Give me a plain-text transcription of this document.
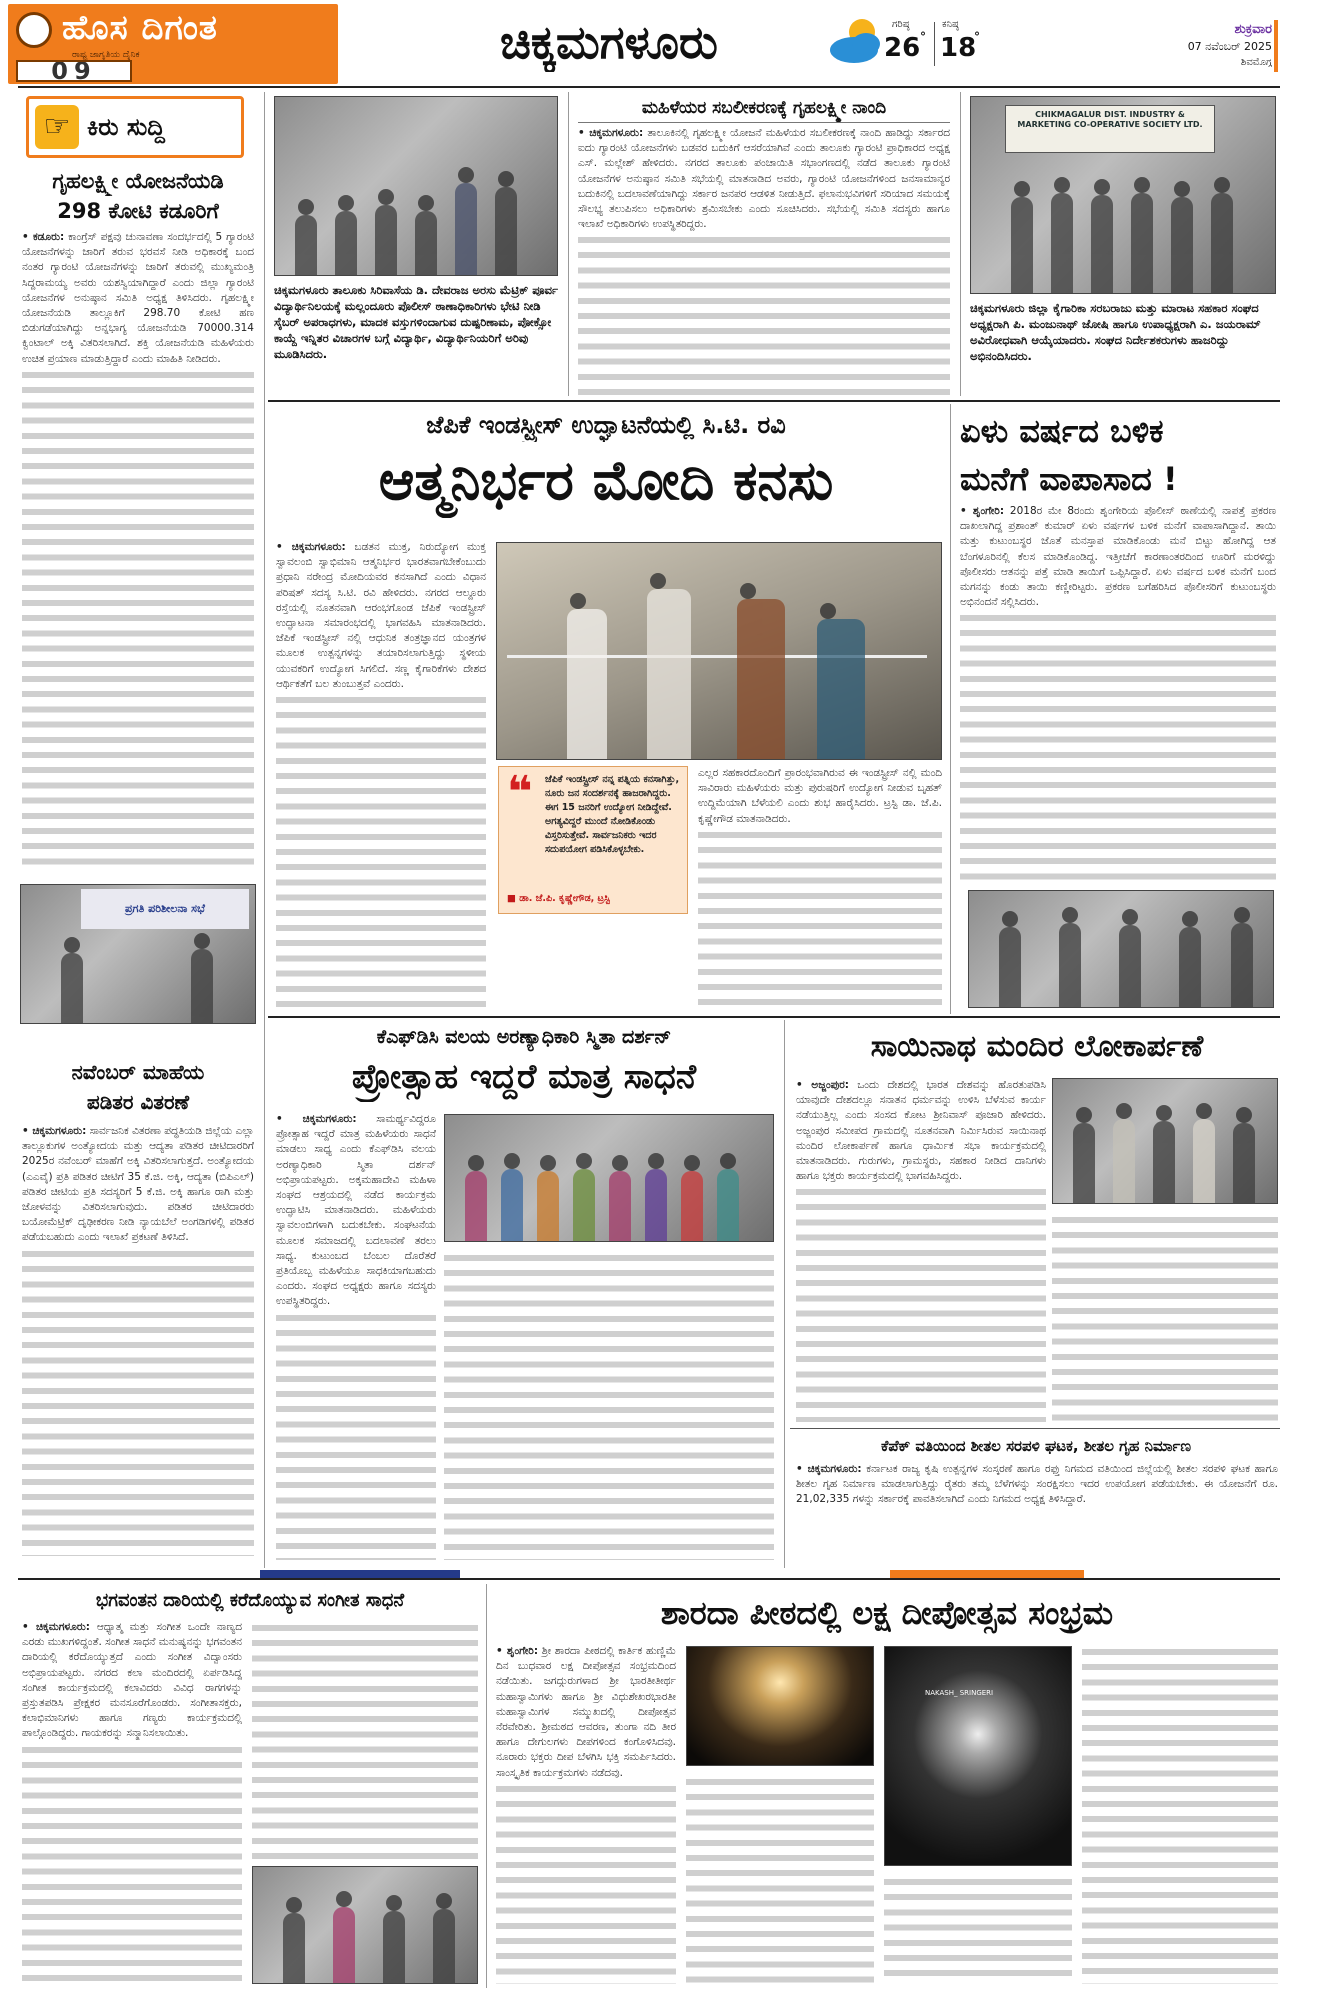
ಹೊಸ ದಿಗಂತ
ರಾಷ್ಟ್ರ ಜಾಗೃತಿಯ ದೈನಿಕ
09
ಚಿಕ್ಕಮಗಳೂರು	ಗರಿಷ್ಠ
26 °
ಕನಿಷ್ಠ
18
°	ಶುಕ್ರವಾರ
07 ನವೆಂಬರ್ 2025
ಶಿವಮೊಗ್ಗ
☞ ಕಿರು ಸುದ್ದಿ
ಗೃಹಲಕ್ಷ್ಮೀ ಯೋಜನೆಯಡಿ
298 ಕೋಟಿ ಕಡೂರಿಗೆ
• ಕಡೂರು: ಕಾಂಗ್ರೆಸ್ ಪಕ್ಷವು ಚುನಾವಣಾ ಸಂದರ್ಭದಲ್ಲಿ 5 ಗ್ಯಾರಂಟಿ ಯೋಜನೆಗಳನ್ನು ಜಾರಿಗೆ ತರುವ ಭರವಸೆ ನೀಡಿ ಅಧಿಕಾರಕ್ಕೆ ಬಂದ ನಂತರ ಗ್ಯಾರಂಟಿ ಯೋಜನೆಗಳನ್ನು ಜಾರಿಗೆ ತರುವಲ್ಲಿ ಮುಖ್ಯಮಂತ್ರಿ ಸಿದ್ದರಾಮಯ್ಯ ಅವರು ಯಶಸ್ವಿಯಾಗಿದ್ದಾರೆ ಎಂದು ಜಿಲ್ಲಾ ಗ್ಯಾರಂಟಿ ಯೋಜನೆಗಳ ಅನುಷ್ಠಾನ ಸಮಿತಿ ಅಧ್ಯಕ್ಷ ತಿಳಿಸಿದರು. ಗೃಹಲಕ್ಷ್ಮೀ ಯೋಜನೆಯಡಿ ತಾಲ್ಲೂಕಿಗೆ 298.70 ಕೋಟಿ ಹಣ ಬಿಡುಗಡೆಯಾಗಿದ್ದು ಅನ್ನಭಾಗ್ಯ ಯೋಜನೆಯಡಿ 70000.314 ಕ್ವಿಂಟಾಲ್ ಅಕ್ಕಿ ವಿತರಿಸಲಾಗಿದೆ. ಶಕ್ತಿ ಯೋಜನೆಯಡಿ ಮಹಿಳೆಯರು ಉಚಿತ ಪ್ರಯಾಣ ಮಾಡುತ್ತಿದ್ದಾರೆ ಎಂದು ಮಾಹಿತಿ ನೀಡಿದರು.
ಪ್ರಗತಿ ಪರಿಶೀಲನಾ ಸಭೆ
ನವೆಂಬರ್ ಮಾಹೆಯ
ಪಡಿತರ ವಿತರಣೆ
• ಚಿಕ್ಕಮಗಳೂರು: ಸಾರ್ವಜನಿಕ ವಿತರಣಾ ಪದ್ಧತಿಯಡಿ ಜಿಲ್ಲೆಯ ಎಲ್ಲಾ ತಾಲ್ಲೂಕುಗಳ ಅಂತ್ಯೋದಯ ಮತ್ತು ಆದ್ಯತಾ ಪಡಿತರ ಚೀಟಿದಾರರಿಗೆ 2025ರ ನವೆಂಬರ್ ಮಾಹೆಗೆ ಅಕ್ಕಿ ವಿತರಿಸಲಾಗುತ್ತದೆ. ಅಂತ್ಯೋದಯ (ಎಎವೈ) ಪ್ರತಿ ಪಡಿತರ ಚೀಟಿಗೆ 35 ಕೆ.ಜಿ. ಅಕ್ಕಿ, ಆದ್ಯತಾ (ಬಿಪಿಎಲ್) ಪಡಿತರ ಚೀಟಿಯ ಪ್ರತಿ ಸದಸ್ಯರಿಗೆ 5 ಕೆ.ಜಿ. ಅಕ್ಕಿ ಹಾಗೂ ರಾಗಿ ಮತ್ತು ಜೋಳವನ್ನು ವಿತರಿಸಲಾಗುವುದು. ಪಡಿತರ ಚೀಟಿದಾರರು ಬಯೋಮೆಟ್ರಿಕ್ ದೃಢೀಕರಣ ನೀಡಿ ನ್ಯಾಯಬೆಲೆ ಅಂಗಡಿಗಳಲ್ಲಿ ಪಡಿತರ ಪಡೆಯಬಹುದು ಎಂದು ಇಲಾಖೆ ಪ್ರಕಟಣೆ ತಿಳಿಸಿದೆ.
ಚಿಕ್ಕಮಗಳೂರು ತಾಲೂಕು ಸಿರಿವಾಸೆಯ ಡಿ. ದೇವರಾಜ ಅರಸು ಮೆಟ್ರಿಕ್ ಪೂರ್ವ ವಿದ್ಯಾರ್ಥಿನಿಲಯಕ್ಕೆ ಮಲ್ಲಂದೂರು ಪೊಲೀಸ್ ಠಾಣಾಧಿಕಾರಿಗಳು ಭೇಟಿ ನೀಡಿ ಸೈಬರ್ ಅಪರಾಧಗಳು, ಮಾದಕ ವಸ್ತುಗಳಿಂದಾಗುವ ದುಷ್ಪರಿಣಾಮ, ಪೋಕ್ಸೋ ಕಾಯ್ದೆ ಇನ್ನಿತರ ವಿಚಾರಗಳ ಬಗ್ಗೆ ವಿದ್ಯಾರ್ಥಿ, ವಿದ್ಯಾರ್ಥಿನಿಯರಿಗೆ ಅರಿವು ಮೂಡಿಸಿದರು.
ಮಹಿಳೆಯರ ಸಬಲೀಕರಣಕ್ಕೆ ಗೃಹಲಕ್ಷ್ಮೀ ನಾಂದಿ
• ಚಿಕ್ಕಮಗಳೂರು: ತಾಲೂಕಿನಲ್ಲಿ ಗೃಹಲಕ್ಷ್ಮೀ ಯೋಜನೆ ಮಹಿಳೆಯರ ಸಬಲೀಕರಣಕ್ಕೆ ನಾಂದಿ ಹಾಡಿದ್ದು ಸರ್ಕಾರದ ಐದು ಗ್ಯಾರಂಟಿ ಯೋಜನೆಗಳು ಬಡವರ ಬದುಕಿಗೆ ಆಸರೆಯಾಗಿವೆ ಎಂದು ತಾಲೂಕು ಗ್ಯಾರಂಟಿ ಪ್ರಾಧಿಕಾರದ ಅಧ್ಯಕ್ಷ ಎಸ್. ಮಲ್ಲೇಶ್ ಹೇಳಿದರು. ನಗರದ ತಾಲೂಕು ಪಂಚಾಯಿತಿ ಸಭಾಂಗಣದಲ್ಲಿ ನಡೆದ ತಾಲೂಕು ಗ್ಯಾರಂಟಿ ಯೋಜನೆಗಳ ಅನುಷ್ಠಾನ ಸಮಿತಿ ಸಭೆಯಲ್ಲಿ ಮಾತನಾಡಿದ ಅವರು, ಗ್ಯಾರಂಟಿ ಯೋಜನೆಗಳಿಂದ ಜನಸಾಮಾನ್ಯರ ಬದುಕಿನಲ್ಲಿ ಬದಲಾವಣೆಯಾಗಿದ್ದು ಸರ್ಕಾರ ಜನಪರ ಆಡಳಿತ ನೀಡುತ್ತಿದೆ. ಫಲಾನುಭವಿಗಳಿಗೆ ಸರಿಯಾದ ಸಮಯಕ್ಕೆ ಸೌಲಭ್ಯ ತಲುಪಿಸಲು ಅಧಿಕಾರಿಗಳು ಶ್ರಮಿಸಬೇಕು ಎಂದು ಸೂಚಿಸಿದರು. ಸಭೆಯಲ್ಲಿ ಸಮಿತಿ ಸದಸ್ಯರು ಹಾಗೂ ಇಲಾಖೆ ಅಧಿಕಾರಿಗಳು ಉಪಸ್ಥಿತರಿದ್ದರು.
CHIKMAGALUR DIST. INDUSTRY & MARKETING CO-OPERATIVE SOCIETY LTD.
ಚಿಕ್ಕಮಗಳೂರು ಜಿಲ್ಲಾ ಕೈಗಾರಿಕಾ ಸರಬರಾಜು ಮತ್ತು ಮಾರಾಟ ಸಹಕಾರ ಸಂಘದ ಅಧ್ಯಕ್ಷರಾಗಿ ಪಿ. ಮಂಜುನಾಥ್ ಜೋಷಿ ಹಾಗೂ ಉಪಾಧ್ಯಕ್ಷರಾಗಿ ಎ. ಜಯರಾಮ್ ಅವಿರೋಧವಾಗಿ ಆಯ್ಕೆಯಾದರು. ಸಂಘದ ನಿರ್ದೇಶಕರುಗಳು ಹಾಜರಿದ್ದು ಅಭಿನಂದಿಸಿದರು.
ಜೆಪಿಕೆ ಇಂಡಸ್ಟ್ರೀಸ್ ಉದ್ಘಾಟನೆಯಲ್ಲಿ ಸಿ.ಟಿ. ರವಿ
ಆತ್ಮನಿರ್ಭರ ಮೋದಿ ಕನಸು
• ಚಿಕ್ಕಮಗಳೂರು: ಬಡತನ ಮುಕ್ತ, ನಿರುದ್ಯೋಗ ಮುಕ್ತ ಸ್ವಾವಲಂಬಿ ಸ್ವಾಭಿಮಾನಿ ಆತ್ಮನಿರ್ಭರ ಭಾರತವಾಗಬೇಕೆಂಬುದು ಪ್ರಧಾನಿ ನರೇಂದ್ರ ಮೋದಿಯವರ ಕನಸಾಗಿದೆ ಎಂದು ವಿಧಾನ ಪರಿಷತ್ ಸದಸ್ಯ ಸಿ.ಟಿ. ರವಿ ಹೇಳಿದರು. ನಗರದ ಆಲ್ದೂರು ರಸ್ತೆಯಲ್ಲಿ ನೂತನವಾಗಿ ಆರಂಭಗೊಂಡ ಜೆಪಿಕೆ ಇಂಡಸ್ಟ್ರೀಸ್ ಉದ್ಘಾಟನಾ ಸಮಾರಂಭದಲ್ಲಿ ಭಾಗವಹಿಸಿ ಮಾತನಾಡಿದರು. ಜೆಪಿಕೆ ಇಂಡಸ್ಟ್ರೀಸ್ ನಲ್ಲಿ ಆಧುನಿಕ ತಂತ್ರಜ್ಞಾನದ ಯಂತ್ರಗಳ ಮೂಲಕ ಉತ್ಪನ್ನಗಳನ್ನು ತಯಾರಿಸಲಾಗುತ್ತಿದ್ದು ಸ್ಥಳೀಯ ಯುವಕರಿಗೆ ಉದ್ಯೋಗ ಸಿಗಲಿದೆ. ಸಣ್ಣ ಕೈಗಾರಿಕೆಗಳು ದೇಶದ ಆರ್ಥಿಕತೆಗೆ ಬಲ ತುಂಬುತ್ತವೆ ಎಂದರು.
❝	ಜೆಪಿಕೆ ಇಂಡಸ್ಟ್ರೀಸ್ ನನ್ನ ಪತ್ನಿಯ ಕನಸಾಗಿತ್ತು, ನೂರು ಜನ ಸಂದರ್ಶನಕ್ಕೆ ಹಾಜರಾಗಿದ್ದರು. ಈಗ 15 ಜನರಿಗೆ ಉದ್ಯೋಗ ನೀಡಿದ್ದೇವೆ. ಅಗತ್ಯವಿದ್ದರೆ ಮುಂದೆ ನೋಡಿಕೊಂಡು ವಿಸ್ತರಿಸುತ್ತೇವೆ. ಸಾರ್ವಜನಿಕರು ಇದರ ಸದುಪಯೋಗ ಪಡಿಸಿಕೊಳ್ಳಬೇಕು.
■ ಡಾ. ಜೆ.ಪಿ. ಕೃಷ್ಣೇಗೌಡ, ಟ್ರಸ್ಟಿ
ಎಲ್ಲರ ಸಹಕಾರದೊಂದಿಗೆ ಪ್ರಾರಂಭವಾಗಿರುವ ಈ ಇಂಡಸ್ಟ್ರೀಸ್ ನಲ್ಲಿ ಮಂದಿ ಸಾವಿರಾರು ಮಹಿಳೆಯರು ಮತ್ತು ಪುರುಷರಿಗೆ ಉದ್ಯೋಗ ನೀಡುವ ಬೃಹತ್ ಉದ್ದಿಮೆಯಾಗಿ ಬೆಳೆಯಲಿ ಎಂದು ಶುಭ ಹಾರೈಸಿದರು. ಟ್ರಸ್ಟಿ ಡಾ. ಜೆ.ಪಿ. ಕೃಷ್ಣೇಗೌಡ ಮಾತನಾಡಿದರು.
ಏಳು ವರ್ಷದ ಬಳಿಕ
ಮನೆಗೆ ವಾಪಾಸಾದ !
• ಶೃಂಗೇರಿ: 2018ರ ಮೇ 8ರಂದು ಶೃಂಗೇರಿಯ ಪೊಲೀಸ್ ಠಾಣೆಯಲ್ಲಿ ನಾಪತ್ತೆ ಪ್ರಕರಣ ದಾಖಲಾಗಿದ್ದ ಪ್ರಶಾಂತ್ ಕುಮಾರ್ ಏಳು ವರ್ಷಗಳ ಬಳಿಕ ಮನೆಗೆ ವಾಪಾಸಾಗಿದ್ದಾನೆ. ತಾಯಿ ಮತ್ತು ಕುಟುಂಬಸ್ಥರ ಜೊತೆ ಮನಸ್ತಾಪ ಮಾಡಿಕೊಂಡು ಮನೆ ಬಿಟ್ಟು ಹೋಗಿದ್ದ ಆತ ಬೆಂಗಳೂರಿನಲ್ಲಿ ಕೆಲಸ ಮಾಡಿಕೊಂಡಿದ್ದ. ಇತ್ತೀಚೆಗೆ ಕಾರಣಾಂತರದಿಂದ ಊರಿಗೆ ಮರಳಿದ್ದು ಪೊಲೀಸರು ಆತನನ್ನು ಪತ್ತೆ ಮಾಡಿ ತಾಯಿಗೆ ಒಪ್ಪಿಸಿದ್ದಾರೆ. ಏಳು ವರ್ಷದ ಬಳಿಕ ಮನೆಗೆ ಬಂದ ಮಗನನ್ನು ಕಂಡು ತಾಯಿ ಕಣ್ಣೀರಿಟ್ಟರು. ಪ್ರಕರಣ ಬಗೆಹರಿಸಿದ ಪೊಲೀಸರಿಗೆ ಕುಟುಂಬಸ್ಥರು ಅಭಿನಂದನೆ ಸಲ್ಲಿಸಿದರು.
ಕೆಎಫ್‌ಡಿಸಿ ವಲಯ ಅರಣ್ಯಾಧಿಕಾರಿ ಸ್ಮಿತಾ ದರ್ಶನ್
ಪ್ರೋತ್ಸಾಹ ಇದ್ದರೆ ಮಾತ್ರ ಸಾಧನೆ
• ಚಿಕ್ಕಮಗಳೂರು: ಸಾಮರ್ಥ್ಯವಿದ್ದರೂ ಪ್ರೋತ್ಸಾಹ ಇದ್ದರೆ ಮಾತ್ರ ಮಹಿಳೆಯರು ಸಾಧನೆ ಮಾಡಲು ಸಾಧ್ಯ ಎಂದು ಕೆಎಫ್‌ಡಿಸಿ ವಲಯ ಅರಣ್ಯಾಧಿಕಾರಿ ಸ್ಮಿತಾ ದರ್ಶನ್ ಅಭಿಪ್ರಾಯಪಟ್ಟರು. ಅಕ್ಕಮಹಾದೇವಿ ಮಹಿಳಾ ಸಂಘದ ಆಶ್ರಯದಲ್ಲಿ ನಡೆದ ಕಾರ್ಯಕ್ರಮ ಉದ್ಘಾಟಿಸಿ ಮಾತನಾಡಿದರು. ಮಹಿಳೆಯರು ಸ್ವಾವಲಂಬಿಗಳಾಗಿ ಬದುಕಬೇಕು. ಸಂಘಟನೆಯ ಮೂಲಕ ಸಮಾಜದಲ್ಲಿ ಬದಲಾವಣೆ ತರಲು ಸಾಧ್ಯ. ಕುಟುಂಬದ ಬೆಂಬಲ ದೊರೆತರೆ ಪ್ರತಿಯೊಬ್ಬ ಮಹಿಳೆಯೂ ಸಾಧಕಿಯಾಗಬಹುದು ಎಂದರು. ಸಂಘದ ಅಧ್ಯಕ್ಷರು ಹಾಗೂ ಸದಸ್ಯರು ಉಪಸ್ಥಿತರಿದ್ದರು.
ಸಾಯಿನಾಥ ಮಂದಿರ ಲೋಕಾರ್ಪಣೆ
• ಅಜ್ಜಂಪುರ: ಒಂದು ದೇಶದಲ್ಲಿ ಭಾರತ ದೇಶವನ್ನು ಹೊರತುಪಡಿಸಿ ಯಾವುದೇ ದೇಶದಲ್ಲೂ ಸನಾತನ ಧರ್ಮವನ್ನು ಉಳಿಸಿ ಬೆಳೆಸುವ ಕಾರ್ಯ ನಡೆಯುತ್ತಿಲ್ಲ ಎಂದು ಸಂಸದ ಕೋಟ ಶ್ರೀನಿವಾಸ್ ಪೂಜಾರಿ ಹೇಳಿದರು. ಅಜ್ಜಂಪುರ ಸಮೀಪದ ಗ್ರಾಮದಲ್ಲಿ ನೂತನವಾಗಿ ನಿರ್ಮಿಸಿರುವ ಸಾಯಿನಾಥ ಮಂದಿರ ಲೋಕಾರ್ಪಣೆ ಹಾಗೂ ಧಾರ್ಮಿಕ ಸಭಾ ಕಾರ್ಯಕ್ರಮದಲ್ಲಿ ಮಾತನಾಡಿದರು. ಗುರುಗಳು, ಗ್ರಾಮಸ್ಥರು, ಸಹಕಾರ ನೀಡಿದ ದಾನಿಗಳು ಹಾಗೂ ಭಕ್ತರು ಕಾರ್ಯಕ್ರಮದಲ್ಲಿ ಭಾಗವಹಿಸಿದ್ದರು.
ಕೆಪೆಕ್ ವತಿಯಿಂದ ಶೀತಲ ಸರಪಳಿ ಘಟಕ, ಶೀತಲ ಗೃಹ ನಿರ್ಮಾಣ
• ಚಿಕ್ಕಮಗಳೂರು: ಕರ್ನಾಟಕ ರಾಜ್ಯ ಕೃಷಿ ಉತ್ಪನ್ನಗಳ ಸಂಸ್ಕರಣೆ ಹಾಗೂ ರಫ್ತು ನಿಗಮದ ವತಿಯಿಂದ ಜಿಲ್ಲೆಯಲ್ಲಿ ಶೀತಲ ಸರಪಳಿ ಘಟಕ ಹಾಗೂ ಶೀತಲ ಗೃಹ ನಿರ್ಮಾಣ ಮಾಡಲಾಗುತ್ತಿದ್ದು ರೈತರು ತಮ್ಮ ಬೆಳೆಗಳನ್ನು ಸಂರಕ್ಷಿಸಲು ಇದರ ಉಪಯೋಗ ಪಡೆಯಬೇಕು. ಈ ಯೋಜನೆಗೆ ರೂ. 21,02,335 ಗಳನ್ನು ಸರ್ಕಾರಕ್ಕೆ ಪಾವತಿಸಲಾಗಿದೆ ಎಂದು ನಿಗಮದ ಅಧ್ಯಕ್ಷ ತಿಳಿಸಿದ್ದಾರೆ.
ಭಗವಂತನ ದಾರಿಯಲ್ಲಿ ಕರೆದೊಯ್ಯುವ ಸಂಗೀತ ಸಾಧನೆ
• ಚಿಕ್ಕಮಗಳೂರು: ಆಧ್ಯಾತ್ಮ ಮತ್ತು ಸಂಗೀತ ಒಂದೇ ನಾಣ್ಯದ ಎರಡು ಮುಖಗಳಿದ್ದಂತೆ. ಸಂಗೀತ ಸಾಧನೆ ಮನುಷ್ಯನನ್ನು ಭಗವಂತನ ದಾರಿಯಲ್ಲಿ ಕರೆದೊಯ್ಯುತ್ತದೆ ಎಂದು ಸಂಗೀತ ವಿದ್ವಾಂಸರು ಅಭಿಪ್ರಾಯಪಟ್ಟರು. ನಗರದ ಕಲಾ ಮಂದಿರದಲ್ಲಿ ಏರ್ಪಡಿಸಿದ್ದ ಸಂಗೀತ ಕಾರ್ಯಕ್ರಮದಲ್ಲಿ ಕಲಾವಿದರು ವಿವಿಧ ರಾಗಗಳನ್ನು ಪ್ರಸ್ತುತಪಡಿಸಿ ಪ್ರೇಕ್ಷಕರ ಮನಸೂರೆಗೊಂಡರು. ಸಂಗೀತಾಸಕ್ತರು, ಕಲಾಭಿಮಾನಿಗಳು ಹಾಗೂ ಗಣ್ಯರು ಕಾರ್ಯಕ್ರಮದಲ್ಲಿ ಪಾಲ್ಗೊಂಡಿದ್ದರು. ಗಾಯಕರನ್ನು ಸನ್ಮಾನಿಸಲಾಯಿತು.
ಶಾರದಾ ಪೀಠದಲ್ಲಿ ಲಕ್ಷ ದೀಪೋತ್ಸವ ಸಂಭ್ರಮ
• ಶೃಂಗೇರಿ: ಶ್ರೀ ಶಾರದಾ ಪೀಠದಲ್ಲಿ ಕಾರ್ತಿಕ ಹುಣ್ಣಿಮೆ ದಿನ ಬುಧವಾರ ಲಕ್ಷ ದೀಪೋತ್ಸವ ಸಂಭ್ರಮದಿಂದ ನಡೆಯಿತು. ಜಗದ್ಗುರುಗಳಾದ ಶ್ರೀ ಭಾರತೀತೀರ್ಥ ಮಹಾಸ್ವಾಮಿಗಳು ಹಾಗೂ ಶ್ರೀ ವಿಧುಶೇಖರಭಾರತೀ ಮಹಾಸ್ವಾಮಿಗಳ ಸಮ್ಮುಖದಲ್ಲಿ ದೀಪೋತ್ಸವ ನೆರವೇರಿತು. ಶ್ರೀಮಠದ ಆವರಣ, ತುಂಗಾ ನದಿ ತೀರ ಹಾಗೂ ದೇಗುಲಗಳು ದೀಪಗಳಿಂದ ಕಂಗೊಳಿಸಿದವು. ನೂರಾರು ಭಕ್ತರು ದೀಪ ಬೆಳಗಿಸಿ ಭಕ್ತಿ ಸಮರ್ಪಿಸಿದರು. ಸಾಂಸ್ಕೃತಿಕ ಕಾರ್ಯಕ್ರಮಗಳು ನಡೆದವು.
NAKASH_ SRINGERI
